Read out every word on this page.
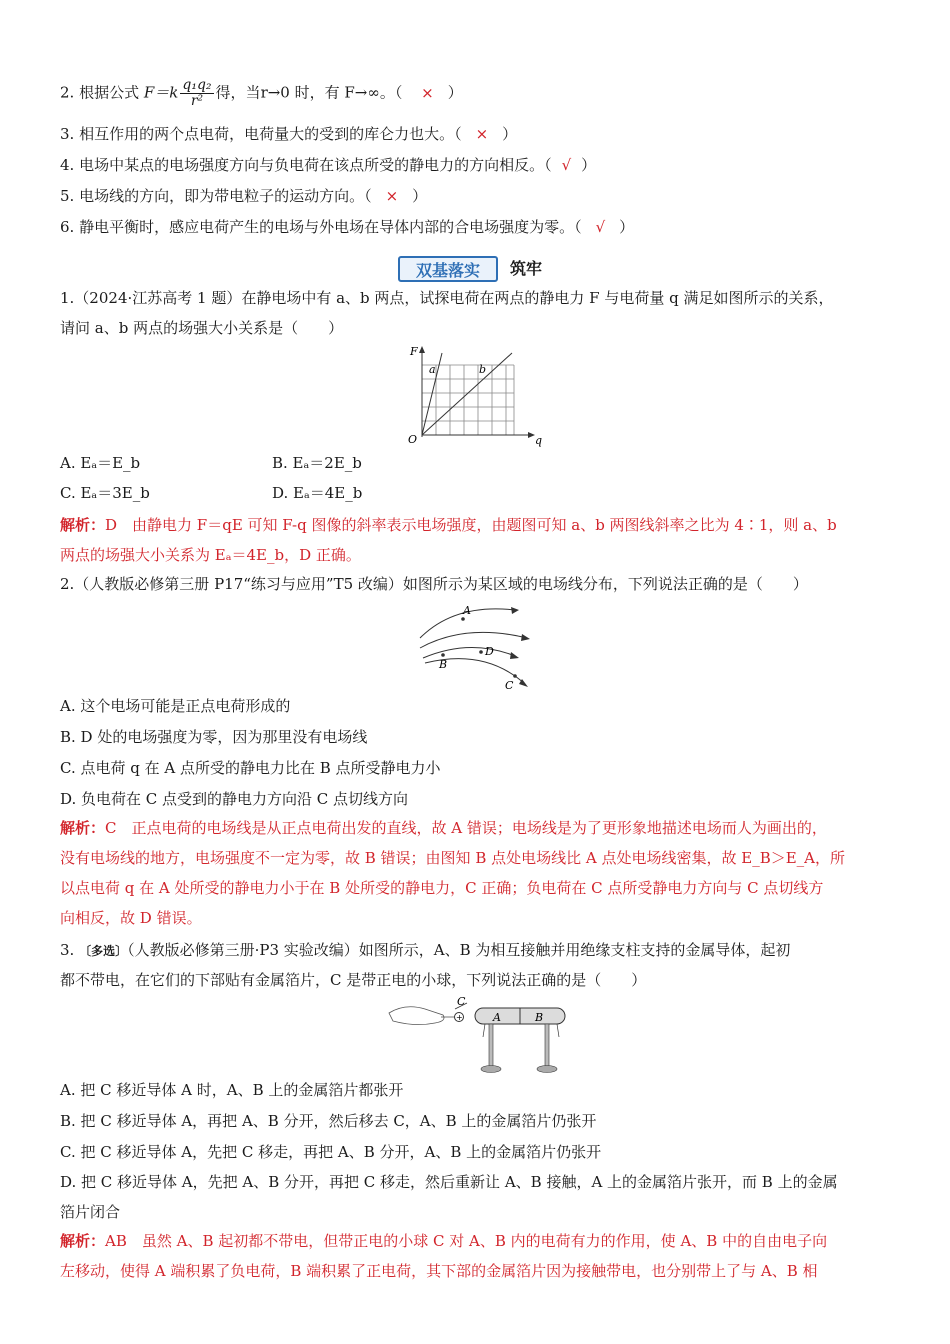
2. 根据公式 $F=k \frac{\text{q₁q₂}}{\text{r²}}$ 得，当r→0 时，有 F→∞。（ × ）
3. 相互作用的两个点电荷，电荷量大的受到的库仑力也大。（ × ）
4. 电场中某点的电场强度方向与负电荷在该点所受的静电力的方向相反。（ √ ）
5. 电场线的方向，即为带电粒子的运动方向。（ × ）
6. 静电平衡时，感应电荷产生的电场与外电场在导体内部的合电场强度为零。（ √ ）
双基落实	筑牢
1.（2024·江苏高考 1 题）在静电场中有 a、b 两点，试探电荷在两点的静电力 F 与电荷量 q 满足如图所示的关系，
请问 a、b 两点的场强大小关系是（　　）
F
q
O
a	b
A. Eₐ＝E_b	B. Eₐ＝2E_b
C. Eₐ＝3E_b	D. Eₐ＝4E_b
解析：D　由静电力 F＝qE 可知 F-q 图像的斜率表示电场强度，由题图可知 a、b 两图线斜率之比为 4∶1，则 a、b
两点的场强大小关系为 Eₐ＝4E_b，D 正确。
2.（人教版必修第三册 P17“练习与应用”T5 改编）如图所示为某区域的电场线分布，下列说法正确的是（　　）
A
B
D
C
A. 这个电场可能是正点电荷形成的
B. D 处的电场强度为零，因为那里没有电场线
C. 点电荷 q 在 A 点所受的静电力比在 B 点所受静电力小
D. 负电荷在 C 点受到的静电力方向沿 C 点切线方向
解析：C　正点电荷的电场线是从正点电荷出发的直线，故 A 错误；电场线是为了更形象地描述电场而人为画出的，
没有电场线的地方，电场强度不一定为零，故 B 错误；由图知 B 点处电场线比 A 点处电场线密集，故 E_B＞E_A，所
以点电荷 q 在 A 处所受的静电力小于在 B 处所受的静电力，C 正确；负电荷在 C 点所受静电力方向与 C 点切线方
向相反，故 D 错误。
3. 〔多选〕（人教版必修第三册·P3 实验改编）如图所示，A、B 为相互接触并用绝缘支柱支持的金属导体，起初
都不带电，在它们的下部贴有金属箔片，C 是带正电的小球，下列说法正确的是（　　）
+
C
A	B
A. 把 C 移近导体 A 时，A、B 上的金属箔片都张开
B. 把 C 移近导体 A，再把 A、B 分开，然后移去 C，A、B 上的金属箔片仍张开
C. 把 C 移近导体 A，先把 C 移走，再把 A、B 分开，A、B 上的金属箔片仍张开
D. 把 C 移近导体 A，先把 A、B 分开，再把 C 移走，然后重新让 A、B 接触，A 上的金属箔片张开，而 B 上的金属
箔片闭合
解析：AB　虽然 A、B 起初都不带电，但带正电的小球 C 对 A、B 内的电荷有力的作用，使 A、B 中的自由电子向
左移动，使得 A 端积累了负电荷，B 端积累了正电荷，其下部的金属箔片因为接触带电，也分别带上了与 A、B 相
